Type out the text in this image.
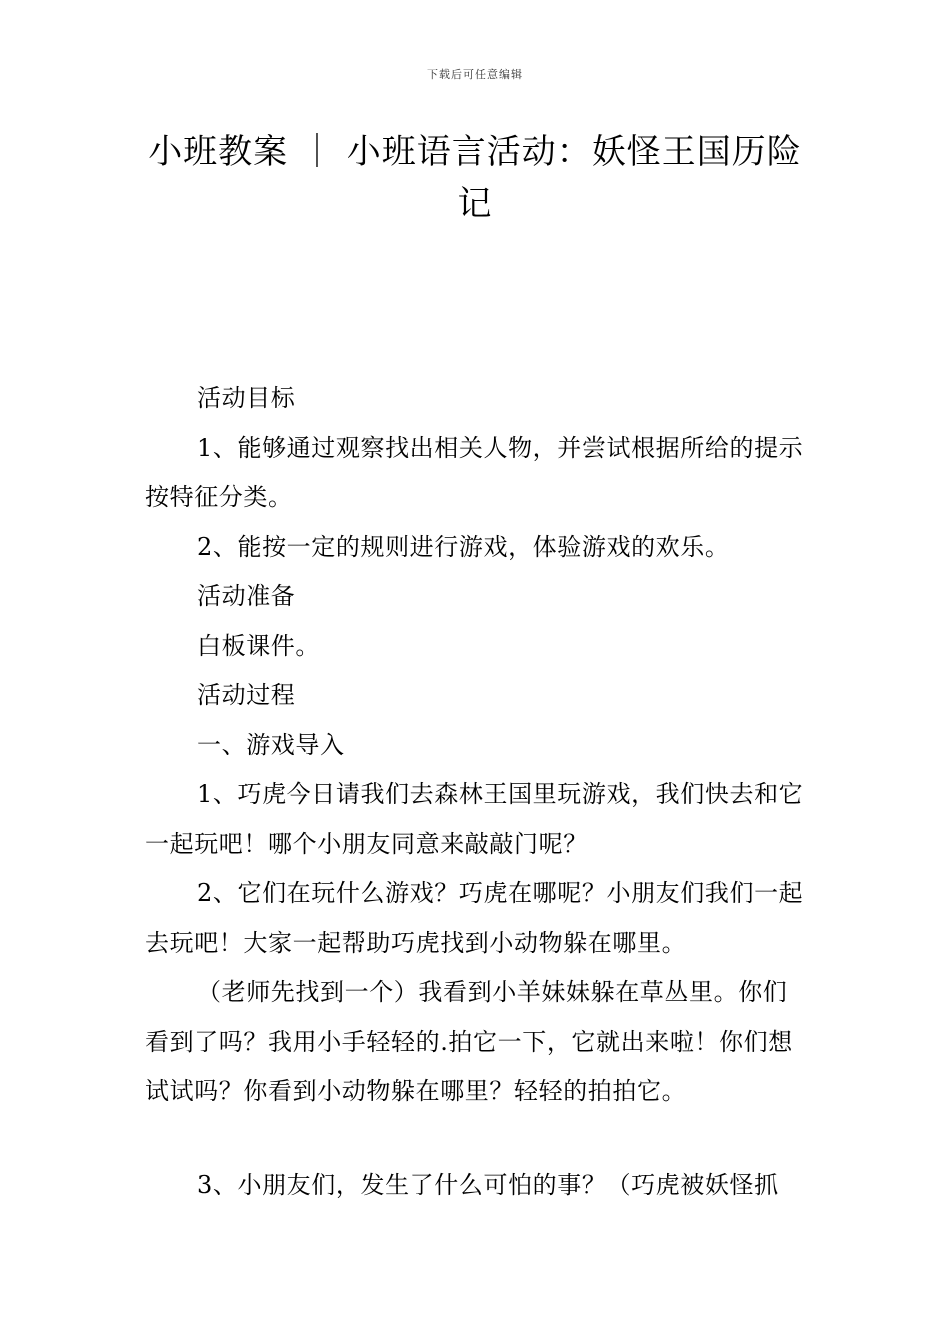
下载后可任意编辑
小班教案 ｜ 小班语言活动：妖怪王国历险记

活动目标

1、能够通过观察找出相关人物，并尝试根据所给的提示按特征分类。

2、能按一定的规则进行游戏，体验游戏的欢乐。

活动准备

白板课件。

活动过程

一、游戏导入

1、巧虎今日请我们去森林王国里玩游戏，我们快去和它一起玩吧！哪个小朋友同意来敲敲门呢？

2、它们在玩什么游戏？巧虎在哪呢？小朋友们我们一起去玩吧！大家一起帮助巧虎找到小动物躲在哪里。

（老师先找到一个）我看到小羊妹妹躲在草丛里。你们看到了吗？我用小手轻轻的.拍它一下，它就出来啦！你们想试试吗？你看到小动物躲在哪里？轻轻的拍拍它。

3、小朋友们，发生了什么可怕的事？（巧虎被妖怪抓
